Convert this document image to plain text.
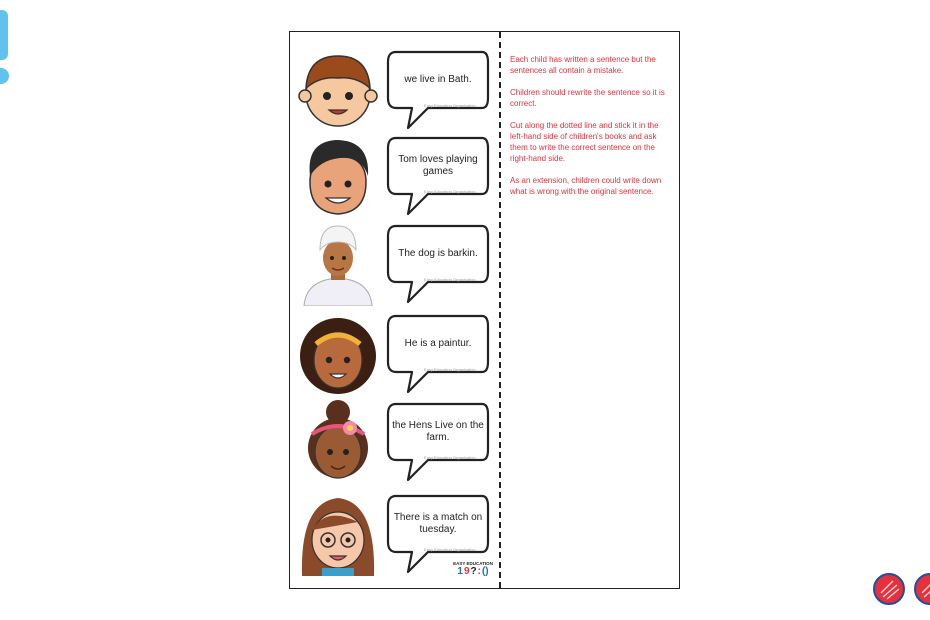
we live in Bath.
Easy Education Organisation
Tom loves playing games
Easy Education Organisation
The dog is barkin.
Easy Education Organisation
He is a paintur.
Easy Education Organisation
the Hens Live on the farm.
Easy Education Organisation
There is a match on tuesday.
Easy Education Organisation

Each child has written a sentence but the sentences all contain a mistake.

Children should rewrite the sentence so it is correct.

Cut along the dotted line and stick it in the left-hand side of children's books and ask them to write the correct sentence on the right-hand side.

As an extension, children could write down what is wrong with the original sentence.

EASY EDUCATION
1 9 ? : ()
